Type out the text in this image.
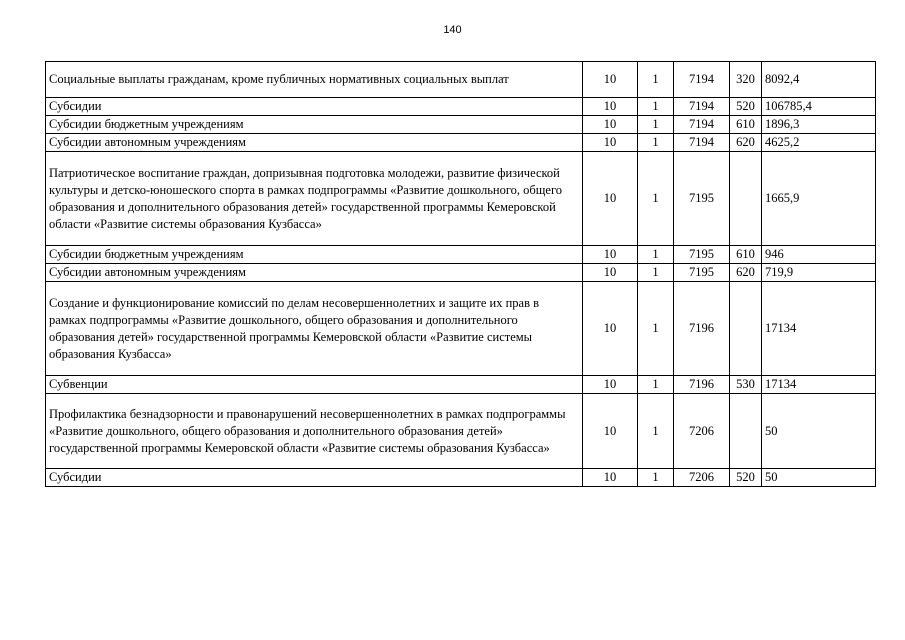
140
Социальные выплаты гражданам, кроме публичных нормативных социальных выплат	10	1	7194	320	8092,4
Субсидии	10	1	7194	520	106785,4
Субсидии бюджетным учреждениям	10	1	7194	610	1896,3
Субсидии автономным учреждениям	10	1	7194	620	4625,2
Патриотическое воспитание граждан, допризывная подготовка молодежи, развитие физической культуры и детско-юношеского спорта в рамках подпрограммы «Развитие дошкольного, общего образования и дополнительного образования детей» государственной программы Кемеровской области «Развитие системы образования Кузбасса»	10	1	7195		1665,9
Субсидии бюджетным учреждениям	10	1	7195	610	946
Субсидии автономным учреждениям	10	1	7195	620	719,9
Создание и функционирование комиссий по делам несовершеннолетних и защите их прав в рамках подпрограммы «Развитие дошкольного, общего образования и дополнительного образования детей» государственной программы Кемеровской области «Развитие системы образования Кузбасса»	10	1	7196		17134
Субвенции	10	1	7196	530	17134
Профилактика безнадзорности и правонарушений несовершеннолетних в рамках подпрограммы «Развитие дошкольного, общего образования и дополнительного образования детей» государственной программы Кемеровской области «Развитие системы образования Кузбасса»	10	1	7206		50
Субсидии	10	1	7206	520	50
